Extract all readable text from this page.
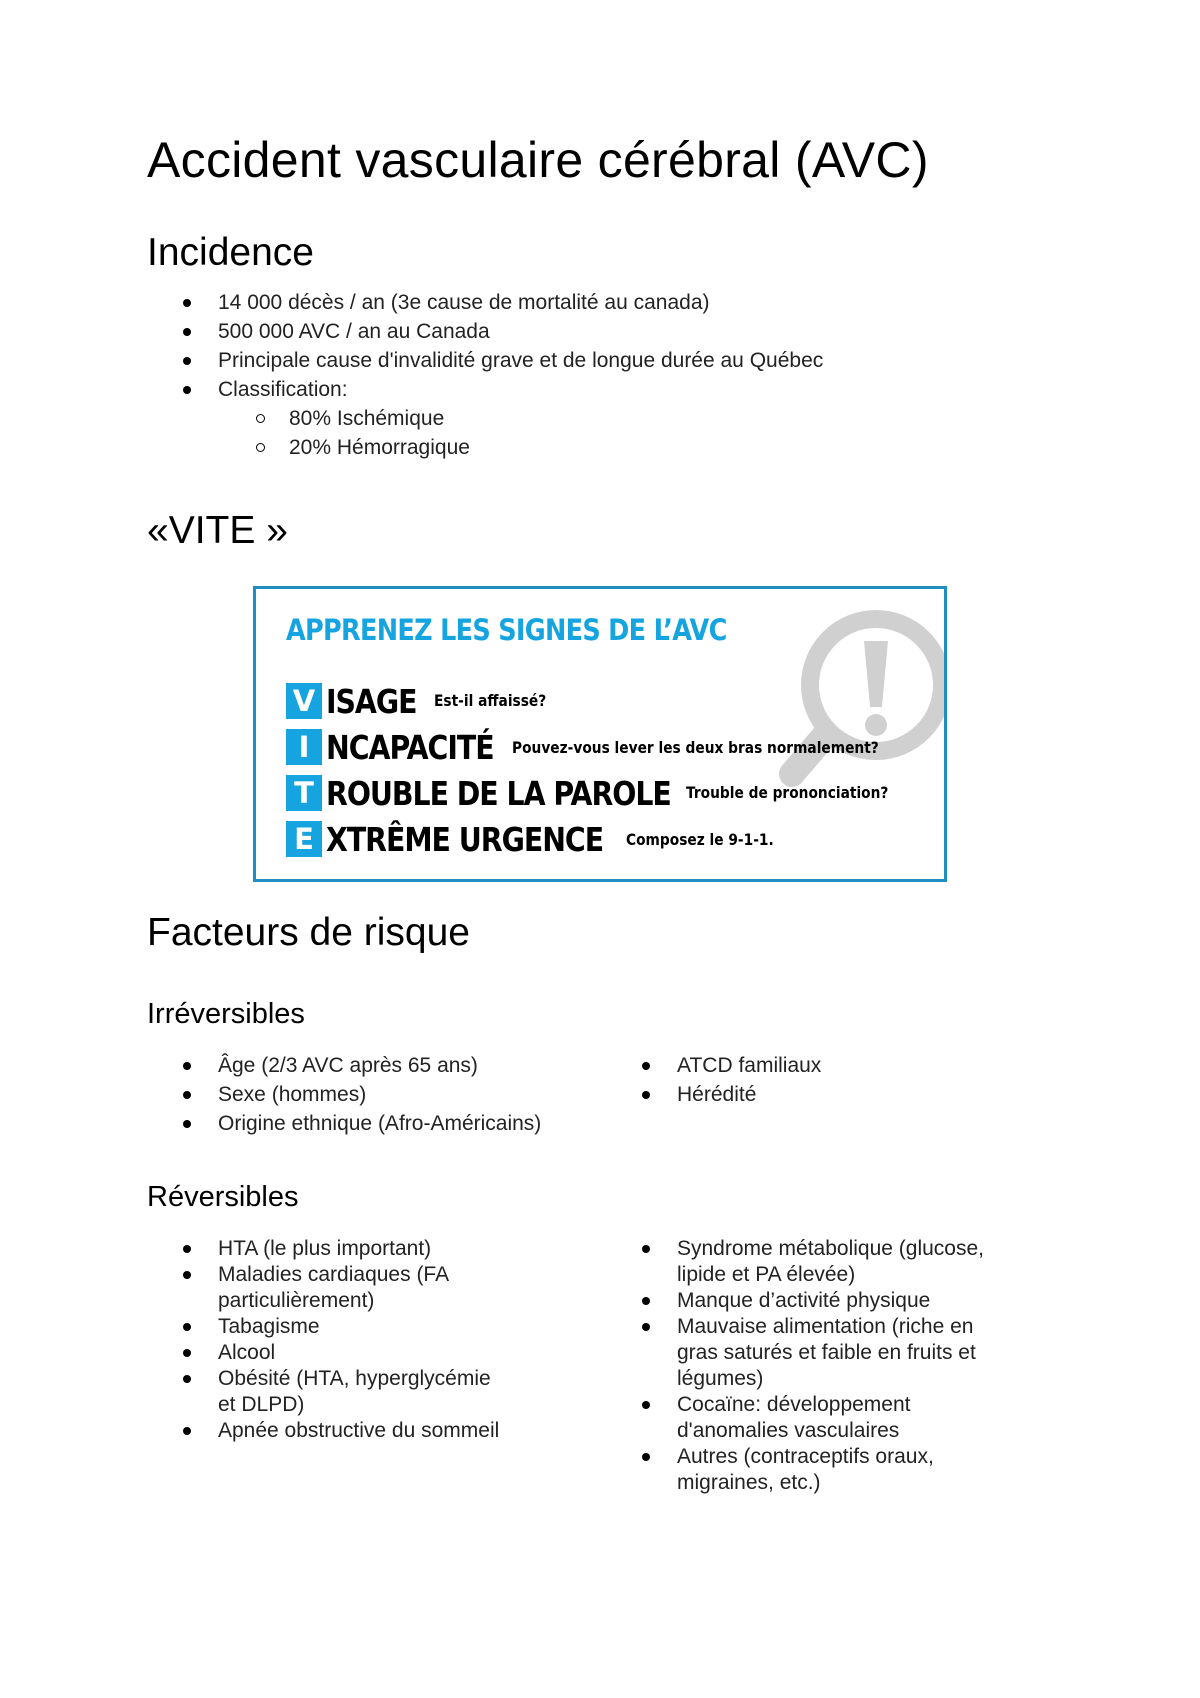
Accident vasculaire cérébral (AVC)
Incidence
14 000 décès / an (3e cause de mortalité au canada)
500 000 AVC / an au Canada
Principale cause d'invalidité grave et de longue durée au Québec
Classification:
80% Ischémique
20% Hémorragique
«VITE »
APPRENEZ LES SIGNES DE L’AVC
V ISAGE Est-il affaissé?
I NCAPACITÉ Pouvez-vous lever les deux bras normalement?
T ROUBLE DE LA PAROLE Trouble de prononciation?
E XTRÊME URGENCE Composez le 9-1-1.
Facteurs de risque
Irréversibles
Âge (2/3 AVC après 65 ans)
Sexe (hommes)
Origine ethnique (Afro-Américains)
ATCD familiaux
Hérédité
Réversibles
HTA (le plus important)
Maladies cardiaques (FA particulièrement)
Tabagisme
Alcool
Obésité (HTA, hyperglycémie et DLPD)
Apnée obstructive du sommeil
Syndrome métabolique (glucose, lipide et PA élevée)
Manque d’activité physique
Mauvaise alimentation (riche en gras saturés et faible en fruits et légumes)
Cocaïne: développement d'anomalies vasculaires
Autres (contraceptifs oraux, migraines, etc.)
